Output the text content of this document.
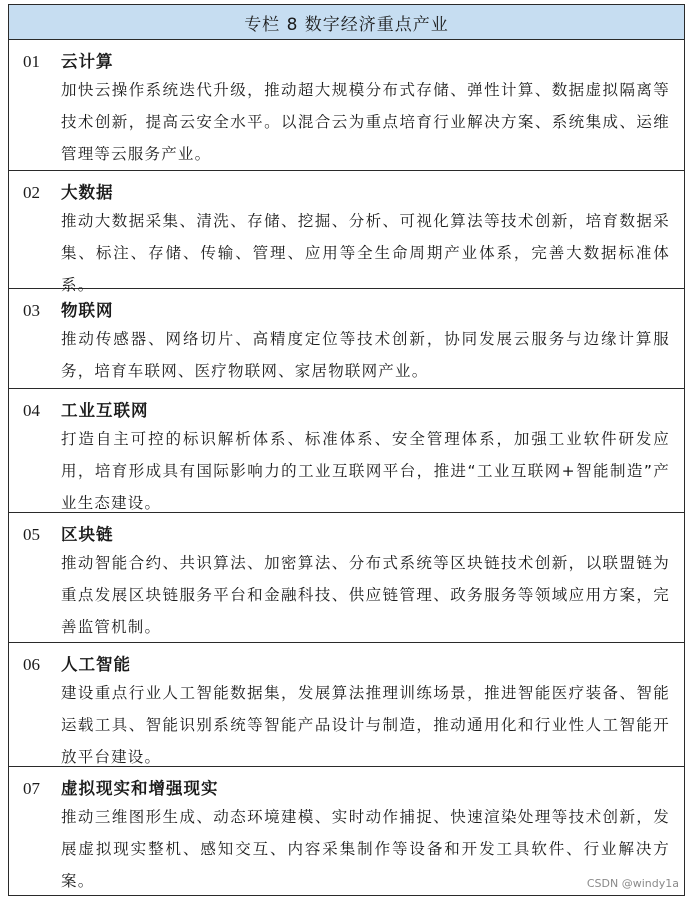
专栏 8 数字经济重点产业
01	云计算
加快云操作系统迭代升级，推动超大规模分布式存储、弹性计算、数据虚拟隔离等技术创新，提高云安全水平。以混合云为重点培育行业解决方案、系统集成、运维管理等云服务产业。
02	大数据
推动大数据采集、清洗、存储、挖掘、分析、可视化算法等技术创新，培育数据采集、标注、存储、传输、管理、应用等全生命周期产业体系，完善大数据标准体系。
03	物联网
推动传感器、网络切片、高精度定位等技术创新，协同发展云服务与边缘计算服务，培育车联网、医疗物联网、家居物联网产业。
04	工业互联网
打造自主可控的标识解析体系、标准体系、安全管理体系，加强工业软件研发应用，培育形成具有国际影响力的工业互联网平台，推进“工业互联网+智能制造”产业生态建设。
05	区块链
推动智能合约、共识算法、加密算法、分布式系统等区块链技术创新，以联盟链为重点发展区块链服务平台和金融科技、供应链管理、政务服务等领域应用方案，完善监管机制。
06	人工智能
建设重点行业人工智能数据集，发展算法推理训练场景，推进智能医疗装备、智能运载工具、智能识别系统等智能产品设计与制造，推动通用化和行业性人工智能开放平台建设。
07	虚拟现实和增强现实
推动三维图形生成、动态环境建模、实时动作捕捉、快速渲染处理等技术创新，发展虚拟现实整机、感知交互、内容采集制作等设备和开发工具软件、行业解决方案。	CSDN @windy1a
